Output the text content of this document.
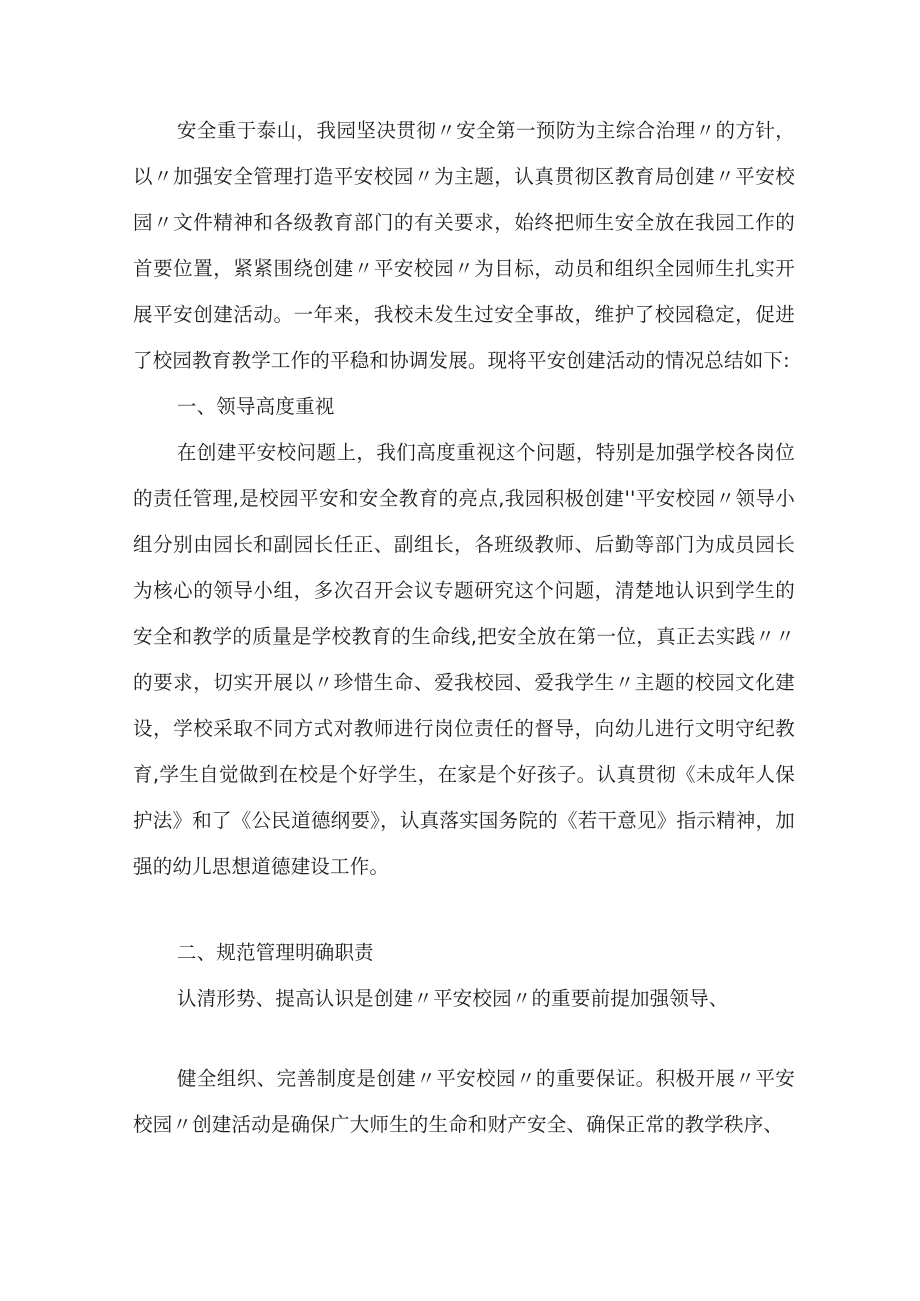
安全重于泰山，我园坚决贯彻〃安全第一预防为主综合治理〃的方针，以〃加强安全管理打造平安校园〃为主题，认真贯彻区教育局创建〃平安校园〃文件精神和各级教育部门的有关要求，始终把师生安全放在我园工作的首要位置，紧紧围绕创建〃平安校园〃为目标，动员和组织全园师生扎实开展平安创建活动。一年来，我校未发生过安全事故，维护了校园稳定，促进了校园教育教学工作的平稳和协调发展。现将平安创建活动的情况总结如下:

一、领导高度重视

在创建平安校问题上，我们高度重视这个问题，特别是加强学校各岗位的责任管理,是校园平安和安全教育的亮点,我园积极创建''平安校园〃领导小组分别由园长和副园长任正、副组长，各班级教师、后勤等部门为成员园长为核心的领导小组，多次召开会议专题研究这个问题，清楚地认识到学生的安全和教学的质量是学校教育的生命线,把安全放在第一位，真正去实践〃〃的要求，切实开展以〃珍惜生命、爱我校园、爱我学生〃主题的校园文化建设，学校采取不同方式对教师进行岗位责任的督导，向幼儿进行文明守纪教育,学生自觉做到在校是个好学生，在家是个好孩子。认真贯彻《未成年人保护法》和了《公民道德纲要》，认真落实国务院的《若干意见》指示精神，加强的幼儿思想道德建设工作。

二、规范管理明确职责

认清形势、提高认识是创建〃平安校园〃的重要前提加强领导、

健全组织、完善制度是创建〃平安校园〃的重要保证。积极开展〃平安校园〃创建活动是确保广大师生的生命和财产安全、确保正常的教学秩序、
